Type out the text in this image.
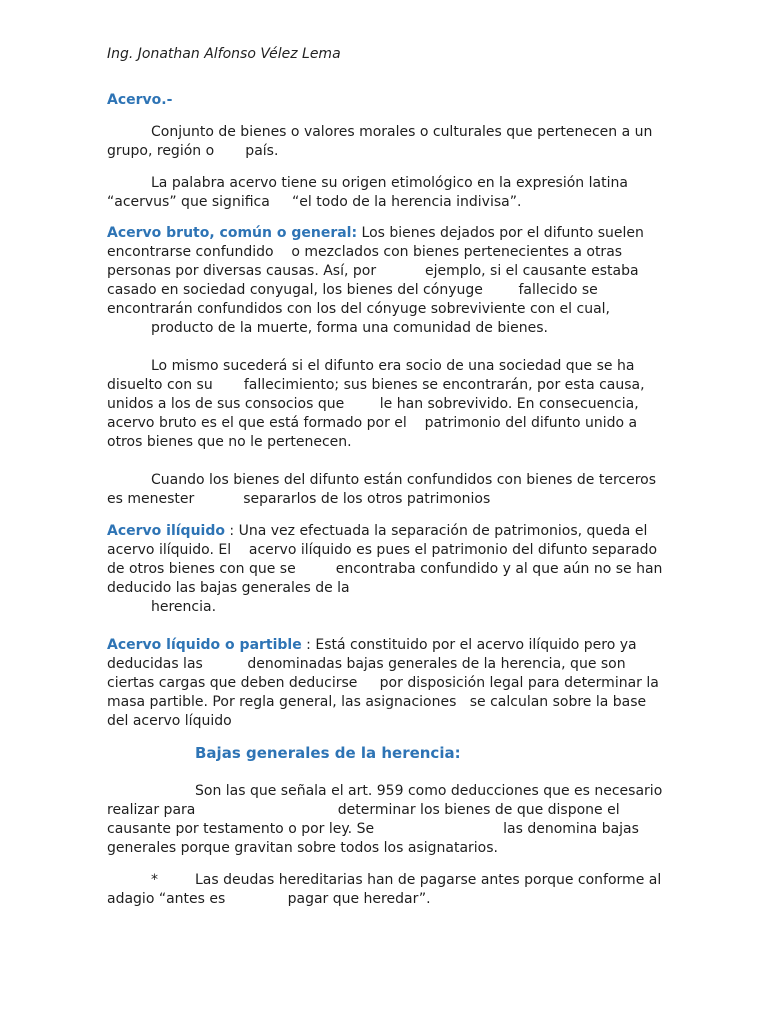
Ing. Jonathan Alfonso Vélez Lema

Acervo.-

Conjunto de bienes o valores morales o culturales que pertenecen a un

grupo, región o       país.

La palabra acervo tiene su origen etimológico en la expresión latina

“acervus” que significa     “el todo de la herencia indivisa”.

Acervo bruto, común o general: Los bienes dejados por el difunto suelen

encontrarse confundido    o mezclados con bienes pertenecientes a otras

personas por diversas causas. Así, por           ejemplo, si el causante estaba

casado en sociedad conyugal, los bienes del cónyuge        fallecido se

encontrarán confundidos con los del cónyuge sobreviviente con el cual,

producto de la muerte, forma una comunidad de bienes.

Lo mismo sucederá si el difunto era socio de una sociedad que se ha

disuelto con su       fallecimiento; sus bienes se encontrarán, por esta causa,

unidos a los de sus consocios que        le han sobrevivido. En consecuencia,

acervo bruto es el que está formado por el    patrimonio del difunto unido a

otros bienes que no le pertenecen.

Cuando los bienes del difunto están confundidos con bienes de terceros

es menester           separarlos de los otros patrimonios

Acervo ilíquido : Una vez efectuada la separación de patrimonios, queda el

acervo ilíquido. El    acervo ilíquido es pues el patrimonio del difunto separado

de otros bienes con que se         encontraba confundido y al que aún no se han

deducido las bajas generales de la

herencia.

Acervo líquido o partible : Está constituido por el acervo ilíquido pero ya

deducidas las          denominadas bajas generales de la herencia, que son

ciertas cargas que deben deducirse     por disposición legal para determinar la

masa partible. Por regla general, las asignaciones   se calculan sobre la base

del acervo líquido

Bajas generales de la herencia:

Son las que señala el art. 959 como deducciones que es necesario

realizar para                                determinar los bienes de que dispone el

causante por testamento o por ley. Se                             las denomina bajas

generales porque gravitan sobre todos los asignatarios.

*	Las deudas hereditarias han de pagarse antes porque conforme al

adagio “antes es              pagar que heredar”.
